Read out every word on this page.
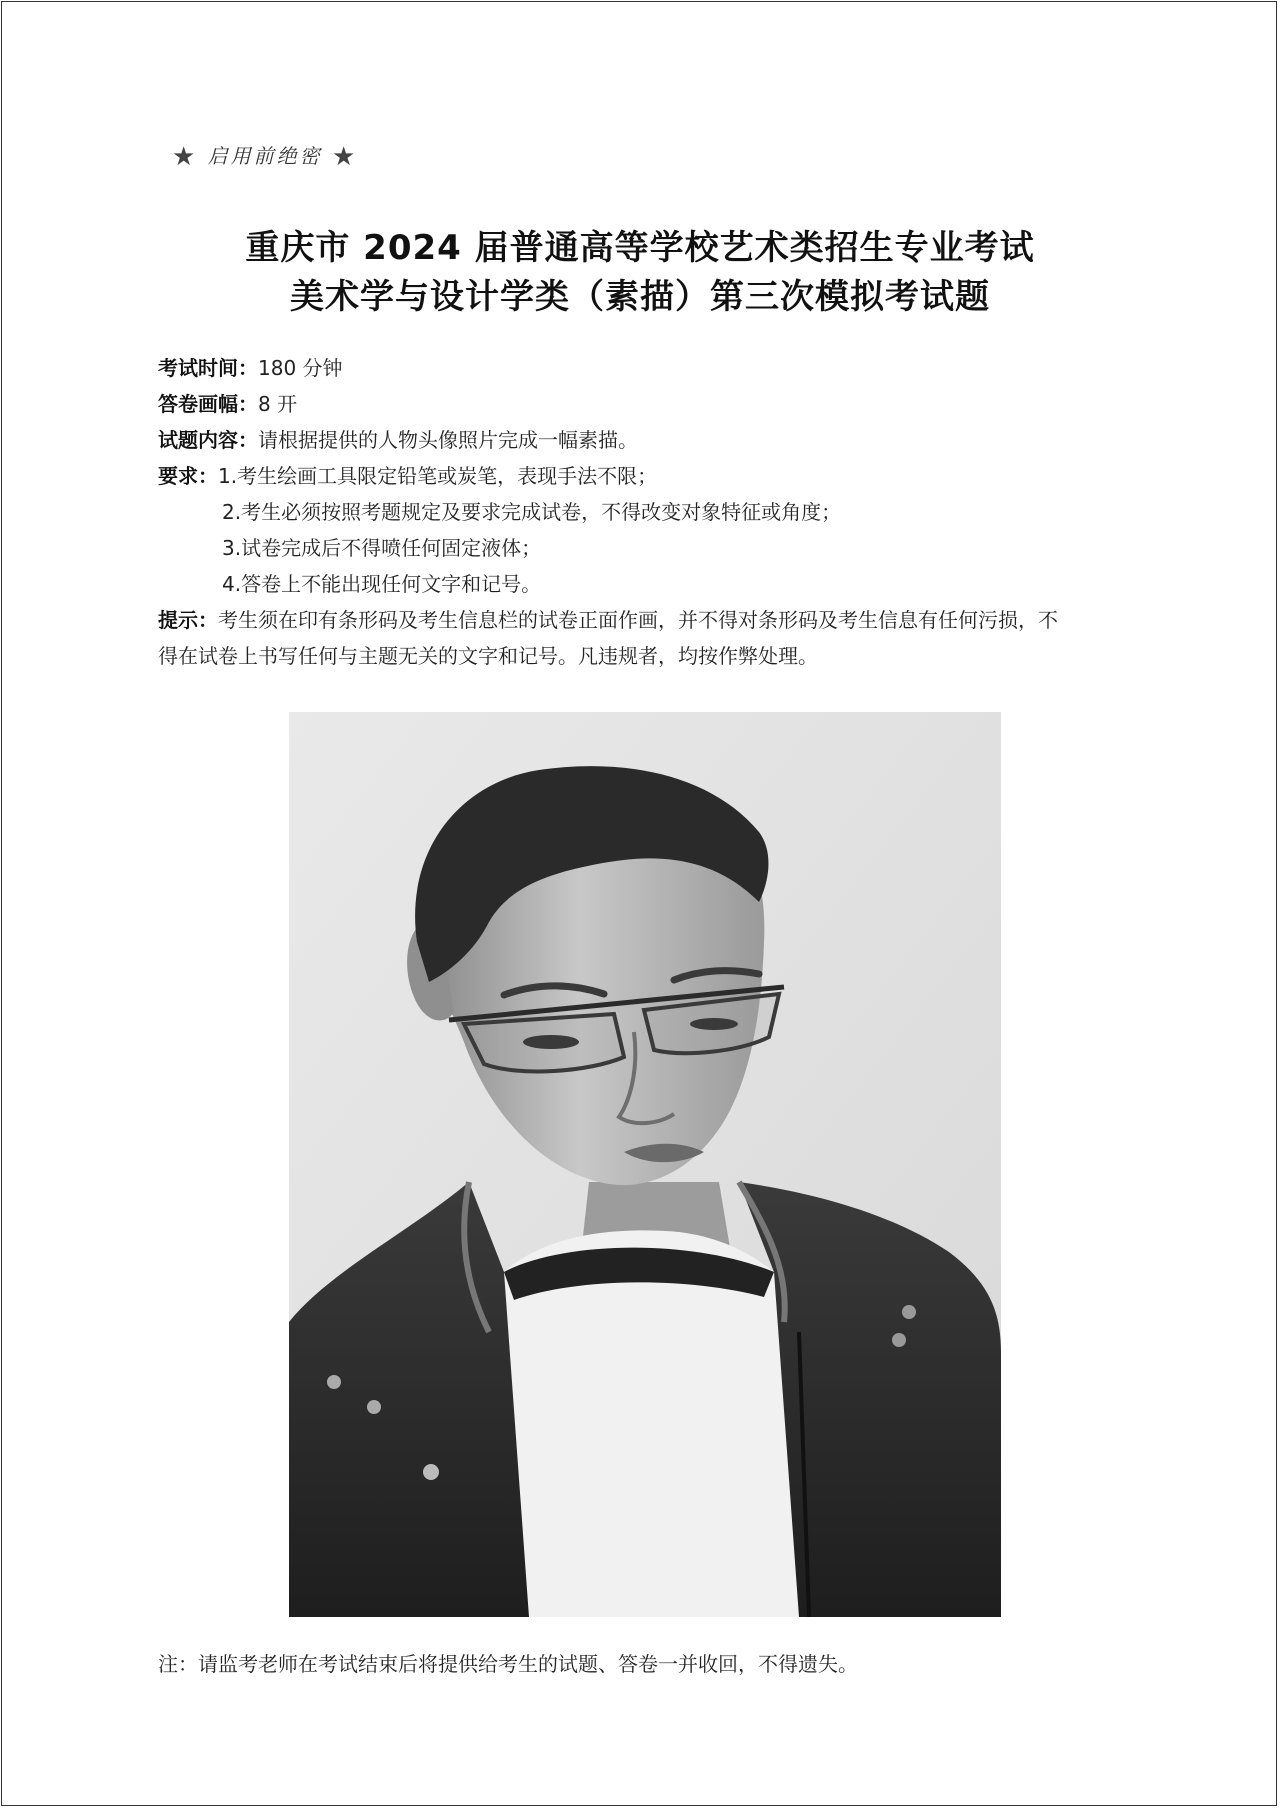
★ 启用前绝密 ★
重庆市 2024 届普通高等学校艺术类招生专业考试
美术学与设计学类（素描）第三次模拟考试题
考试时间：180 分钟
答卷画幅：8 开
试题内容：请根据提供的人物头像照片完成一幅素描。
要求：1.考生绘画工具限定铅笔或炭笔，表现手法不限；
2.考生必须按照考题规定及要求完成试卷，不得改变对象特征或角度；
3.试卷完成后不得喷任何固定液体；
4.答卷上不能出现任何文字和记号。
提示：考生须在印有条形码及考生信息栏的试卷正面作画，并不得对条形码及考生信息有任何污损，不
得在试卷上书写任何与主题无关的文字和记号。凡违规者，均按作弊处理。
注：请监考老师在考试结束后将提供给考生的试题、答卷一并收回，不得遗失。
